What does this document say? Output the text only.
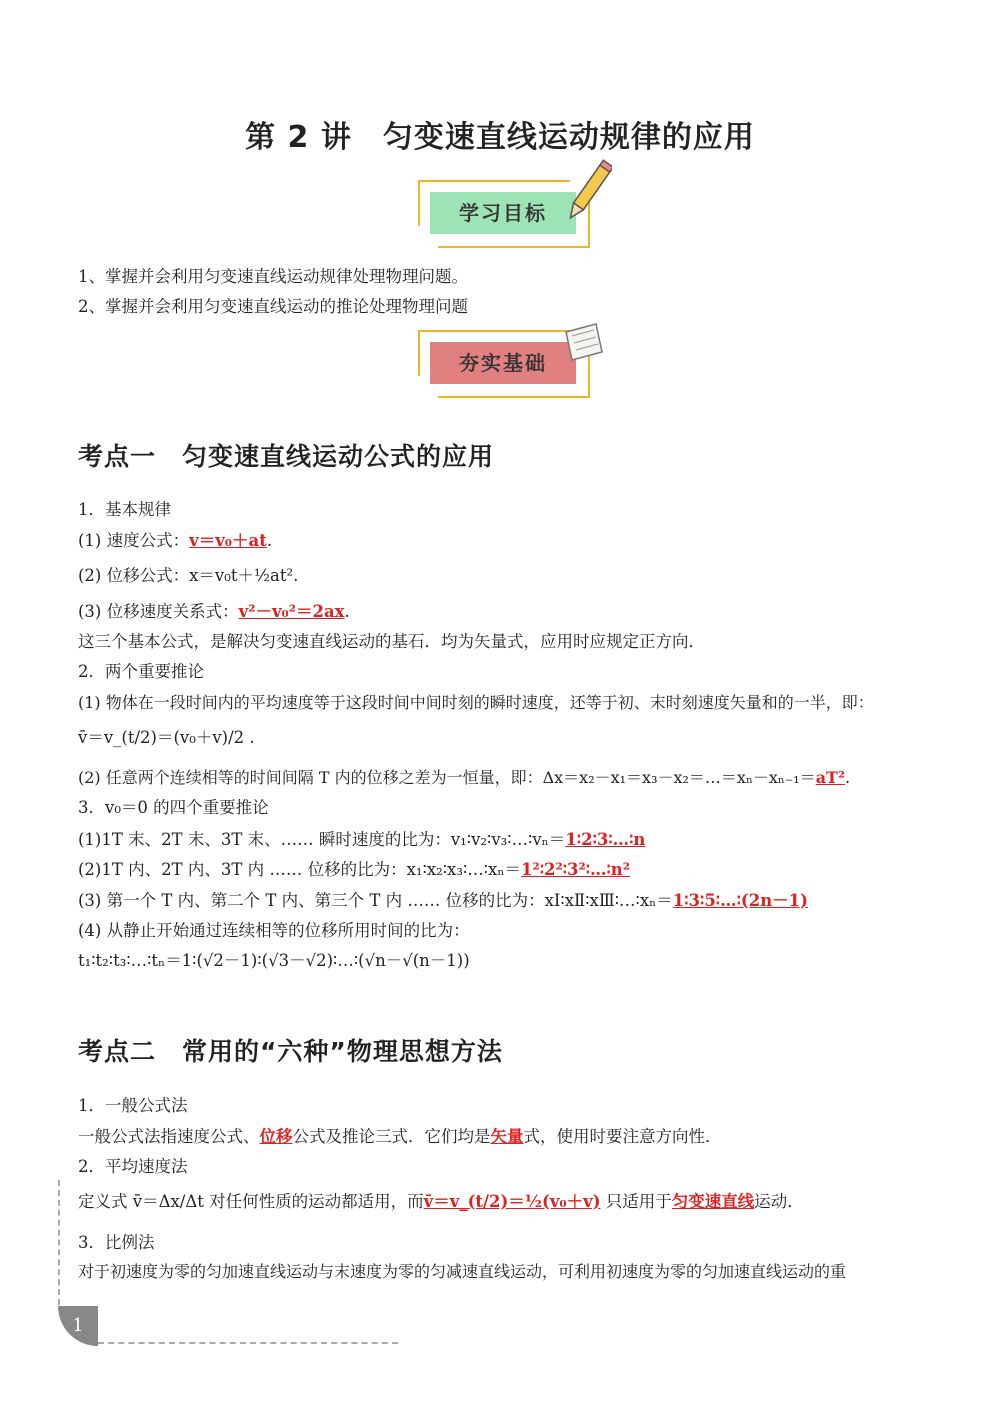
第 2 讲　匀变速直线运动规律的应用
学习目标
1、掌握并会利用匀变速直线运动规律处理物理问题。
2、掌握并会利用匀变速直线运动的推论处理物理问题
夯实基础
考点一　匀变速直线运动公式的应用
1．基本规律
(1) 速度公式：v＝v₀＋at.
(2) 位移公式：x＝v₀t＋½at².
(3) 位移速度关系式：v²－v₀²＝2ax.
这三个基本公式，是解决匀变速直线运动的基石．均为矢量式，应用时应规定正方向．
2．两个重要推论
(1) 物体在一段时间内的平均速度等于这段时间中间时刻的瞬时速度，还等于初、末时刻速度矢量和的一半，即：
v̄＝v_(t/2)＝(v₀＋v)/2 .
(2) 任意两个连续相等的时间间隔 T 内的位移之差为一恒量，即：Δx＝x₂－x₁＝x₃－x₂＝…＝xₙ－xₙ₋₁＝aT².
3．v₀＝0 的四个重要推论
(1)1T 末、2T 末、3T 末、…… 瞬时速度的比为：v₁∶v₂∶v₃∶…∶vₙ＝1∶2∶3∶…∶n
(2)1T 内、2T 内、3T 内 …… 位移的比为：x₁∶x₂∶x₃∶…∶xₙ＝1²∶2²∶3²∶…∶n²
(3) 第一个 T 内、第二个 T 内、第三个 T 内 …… 位移的比为：xⅠ∶xⅡ∶xⅢ∶…∶xₙ＝1∶3∶5∶…∶(2n－1)
(4) 从静止开始通过连续相等的位移所用时间的比为：
t₁∶t₂∶t₃∶…∶tₙ＝1∶(√2－1)∶(√3－√2)∶…∶(√n－√(n－1))
考点二　常用的“六种”物理思想方法
1．一般公式法
一般公式法指速度公式、位移公式及推论三式．它们均是矢量式，使用时要注意方向性．
2．平均速度法
定义式 v̄＝Δx/Δt 对任何性质的运动都适用，而v̄＝v_(t/2)＝½(v₀＋v) 只适用于匀变速直线运动．
3．比例法
对于初速度为零的匀加速直线运动与末速度为零的匀减速直线运动，可利用初速度为零的匀加速直线运动的重
1
